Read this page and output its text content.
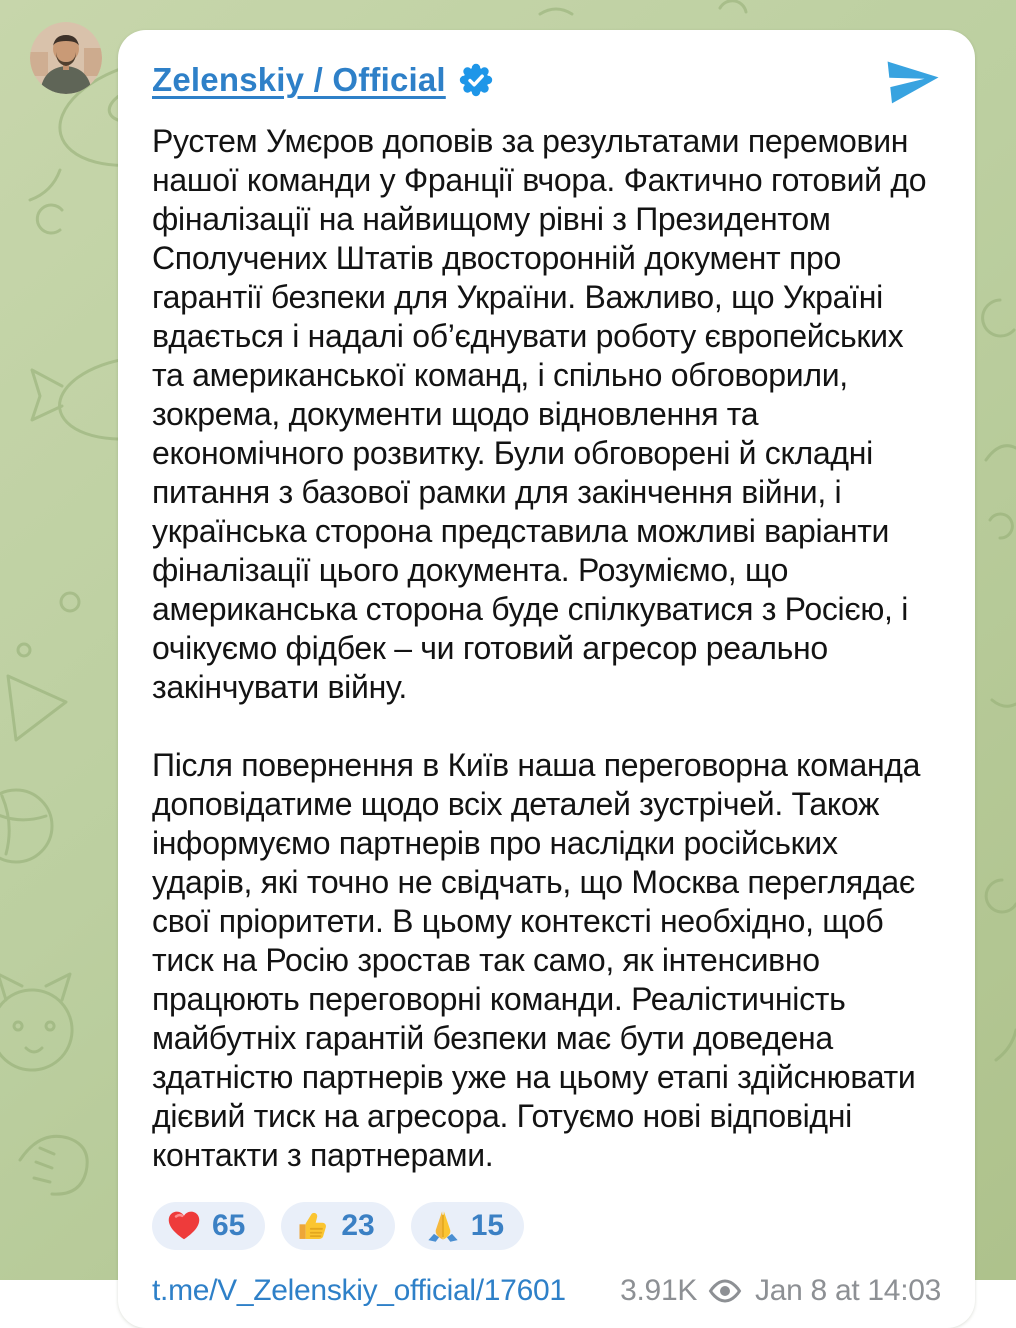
Zelenskiy / Official

Рустем Умєров доповів за результатами перемовин нашої команди у Франції вчора. Фактично готовий до фіналізації на найвищому рівні з Президентом Сполучених Штатів двосторонній документ про гарантії безпеки для України. Важливо, що Україні вдається і надалі об’єднувати роботу європейських та американської команд, і спільно обговорили, зокрема, документи щодо відновлення та економічного розвитку. Були обговорені й складні питання з базової рамки для закінчення війни, і українська сторона представила можливі варіанти фіналізації цього документа. Розуміємо, що американська сторона буде спілкуватися з Росією, і очікуємо фідбек – чи готовий агресор реально закінчувати війну.

Після повернення в Київ наша переговорна команда доповідатиме щодо всіх деталей зустрічей. Також інформуємо партнерів про наслідки російських ударів, які точно не свідчать, що Москва переглядає свої пріоритети. В цьому контексті необхідно, щоб тиск на Росію зростав так само, як інтенсивно працюють переговорні команди. Реалістичність майбутніх гарантій безпеки має бути доведена здатністю партнерів уже на цьому етапі здійснювати дієвий тиск на агресора. Готуємо нові відповідні контакти з партнерами.

65	23	15
t.me/V_Zelenskiy_official/17601 3.91K Jan 8 at 14:03
